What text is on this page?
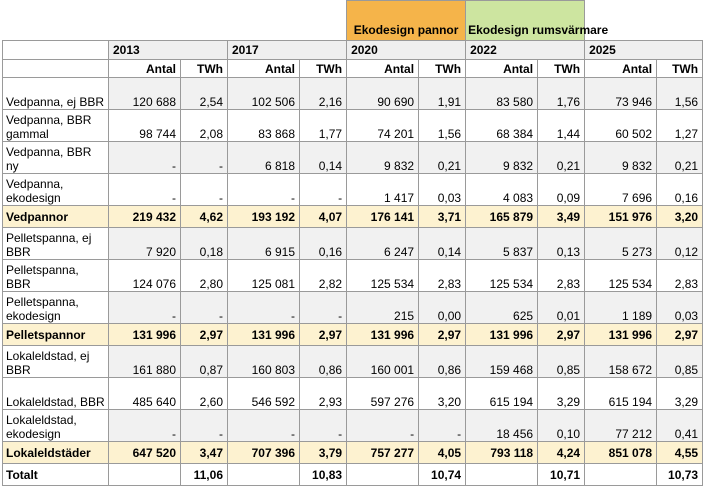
					Ekodesign pannor		Ekodesign rumsvärmare			
	2013		2017		2020		2022		2025	
	Antal	TWh	Antal	TWh	Antal	TWh	Antal	TWh	Antal	TWh
Vedpanna, ej BBR	120 688	2,54	102 506	2,16	90 690	1,91	83 580	1,76	73 946	1,56
Vedpanna, BBR gammal	98 744	2,08	83 868	1,77	74 201	1,56	68 384	1,44	60 502	1,27
Vedpanna, BBR ny	-	-	6 818	0,14	9 832	0,21	9 832	0,21	9 832	0,21
Vedpanna, ekodesign	-	-	-	-	1 417	0,03	4 083	0,09	7 696	0,16
Vedpannor	219 432	4,62	193 192	4,07	176 141	3,71	165 879	3,49	151 976	3,20
Pelletspanna, ej BBR	7 920	0,18	6 915	0,16	6 247	0,14	5 837	0,13	5 273	0,12
Pelletspanna, BBR	124 076	2,80	125 081	2,82	125 534	2,83	125 534	2,83	125 534	2,83
Pelletspanna, ekodesign	-	-	-	-	215	0,00	625	0,01	1 189	0,03
Pelletspannor	131 996	2,97	131 996	2,97	131 996	2,97	131 996	2,97	131 996	2,97
Lokaleldstad, ej BBR	161 880	0,87	160 803	0,86	160 001	0,86	159 468	0,85	158 672	0,85
Lokaleldstad, BBR	485 640	2,60	546 592	2,93	597 276	3,20	615 194	3,29	615 194	3,29
Lokaleldstad, ekodesign	-	-	-	-	-	-	18 456	0,10	77 212	0,41
Lokaleldstäder	647 520	3,47	707 396	3,79	757 277	4,05	793 118	4,24	851 078	4,55
Totalt		11,06		10,83		10,74		10,71		10,73
